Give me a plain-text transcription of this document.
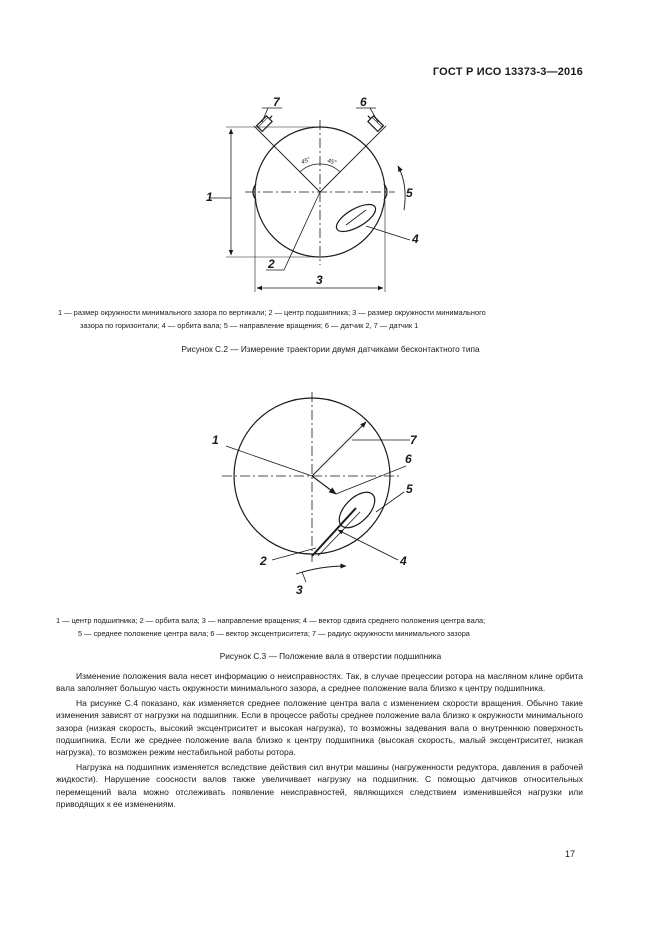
ГОСТ Р ИСО 13373-3—2016
1
2
3
4
5
6
7
45°	45°
1 — размер окружности минимального зазора по вертикали; 2 — центр подшипника; 3 — размер окружности минимального
зазора по горизонтали; 4 — орбита вала; 5 — направление вращения; 6 — датчик 2, 7 — датчик 1
Рисунок С.2 — Измерение траектории двумя датчиками бесконтактного типа
1
2
3
4
5
6
7
1 — центр подшипника; 2 — орбита вала; 3 — направление вращения; 4 — вектор сдвига среднего положения центра вала;
5 — среднее положение центра вала; 6 — вектор эксцентриситета; 7 — радиус окружности минимального зазора
Рисунок С.3 — Положение вала в отверстии подшипника

Изменение положения вала несет информацию о неисправностях. Так, в случае прецессии ротора на масляном клине орбита вала заполняет большую часть окружности минимального зазора, а среднее положение вала близко к центру подшипника.

На рисунке С.4 показано, как изменяется среднее положение центра вала с изменением скорости вращения. Обычно такие изменения зависят от нагрузки на подшипник. Если в процессе работы среднее положение вала близко к окружности минимального зазора (низкая скорость, высокий эксцентриситет и высокая нагрузка), то возможны задевания вала о внутреннюю поверхность подшипника. Если же среднее положение вала близко к центру подшипника (высокая скорость, малый эксцентриситет, низкая нагрузка), то возможен режим нестабильной работы ротора.

Нагрузка на подшипник изменяется вследствие действия сил внутри машины (нагруженности редуктора, давления в рабочей жидкости). Нарушение соосности валов также увеличивает нагрузку на подшипник. С помощью датчиков относительных перемещений вала можно отслеживать появление неисправностей, являющихся следствием изменившейся нагрузки или приводящих к ее изменениям.

17
